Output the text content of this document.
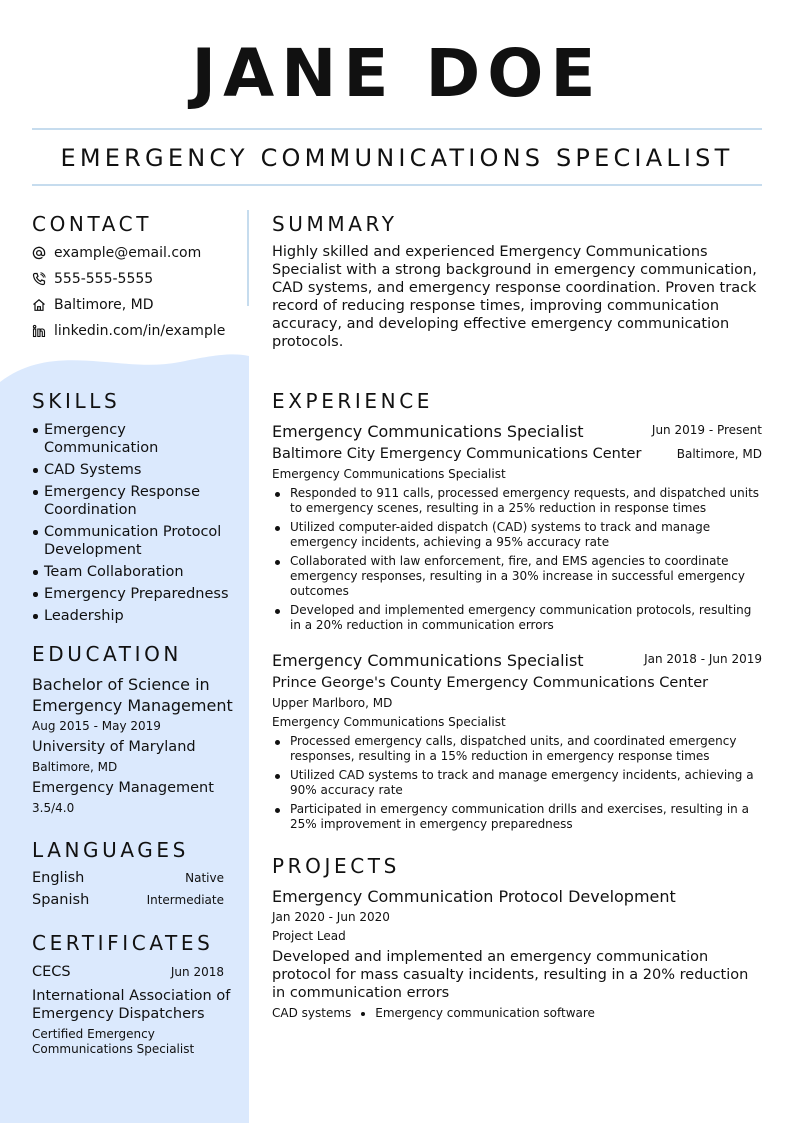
JANE DOE
EMERGENCY COMMUNICATIONS SPECIALIST
CONTACT
example@email.com
555-555-5555
Baltimore, MD
linkedin.com/in/example
SKILLS
Emergency Communication
CAD Systems
Emergency Response Coordination
Communication Protocol Development
Team Collaboration
Emergency Preparedness
Leadership
EDUCATION
Bachelor of Science in Emergency Management
Aug 2015 - May 2019
University of Maryland
Baltimore, MD
Emergency Management
3.5/4.0
LANGUAGES
English	Native
Spanish	Intermediate
CERTIFICATES
CECS	Jun 2018
International Association of Emergency Dispatchers
Certified Emergency Communications Specialist
SUMMARY
Highly skilled and experienced Emergency Communications Specialist with a strong background in emergency communication, CAD systems, and emergency response coordination. Proven track record of reducing response times, improving communication accuracy, and developing effective emergency communication protocols.
EXPERIENCE
Emergency Communications Specialist	Jun 2019 - Present
Baltimore City Emergency Communications Center	Baltimore, MD
Emergency Communications Specialist
Responded to 911 calls, processed emergency requests, and dispatched units to emergency scenes, resulting in a 25% reduction in response times
Utilized computer-aided dispatch (CAD) systems to track and manage emergency incidents, achieving a 95% accuracy rate
Collaborated with law enforcement, fire, and EMS agencies to coordinate emergency responses, resulting in a 30% increase in successful emergency outcomes
Developed and implemented emergency communication protocols, resulting in a 20% reduction in communication errors
Emergency Communications Specialist	Jan 2018 - Jun 2019
Prince George's County Emergency Communications Center
Upper Marlboro, MD
Emergency Communications Specialist
Processed emergency calls, dispatched units, and coordinated emergency responses, resulting in a 15% reduction in emergency response times
Utilized CAD systems to track and manage emergency incidents, achieving a 90% accuracy rate
Participated in emergency communication drills and exercises, resulting in a 25% improvement in emergency preparedness
PROJECTS
Emergency Communication Protocol Development
Jan 2020 - Jun 2020
Project Lead
Developed and implemented an emergency communication protocol for mass casualty incidents, resulting in a 20% reduction in communication errors
CAD systems Emergency communication software
